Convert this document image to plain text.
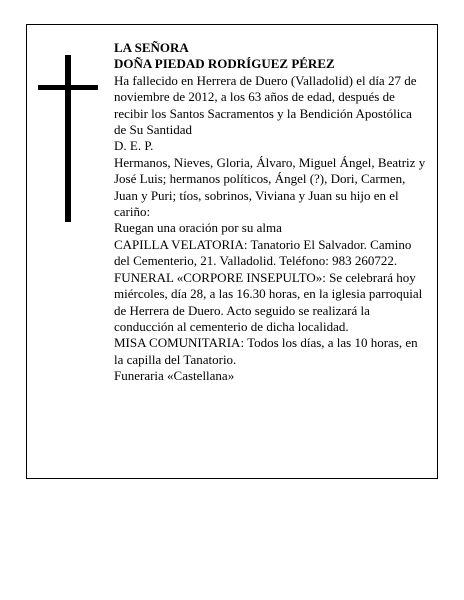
LA SEÑORA

DOÑA PIEDAD RODRÍGUEZ PÉREZ

Ha fallecido en Herrera de Duero (Valladolid) el día 27 de noviembre de 2012, a los 63 años de edad, después de recibir los Santos Sacramentos y la Bendición Apostólica de Su Santidad

D. E. P.

Hermanos, Nieves, Gloria, Álvaro, Miguel Ángel, Beatriz y José Luis; hermanos políticos, Ángel (?), Dori, Carmen, Juan y Puri; tíos, sobrinos, Viviana y Juan su hijo en el cariño:

Ruegan una oración por su alma

CAPILLA VELATORIA: Tanatorio El Salvador. Camino del Cementerio, 21. Valladolid. Teléfono: 983 260722.

FUNERAL «CORPORE INSEPULTO»: Se celebrará hoy miércoles, día 28, a las 16.30 horas, en la iglesia parroquial de Herrera de Duero. Acto seguido se realizará la conducción al cementerio de dicha localidad.

MISA COMUNITARIA: Todos los días, a las 10 horas, en la capilla del Tanatorio.

Funeraria «Castellana»
